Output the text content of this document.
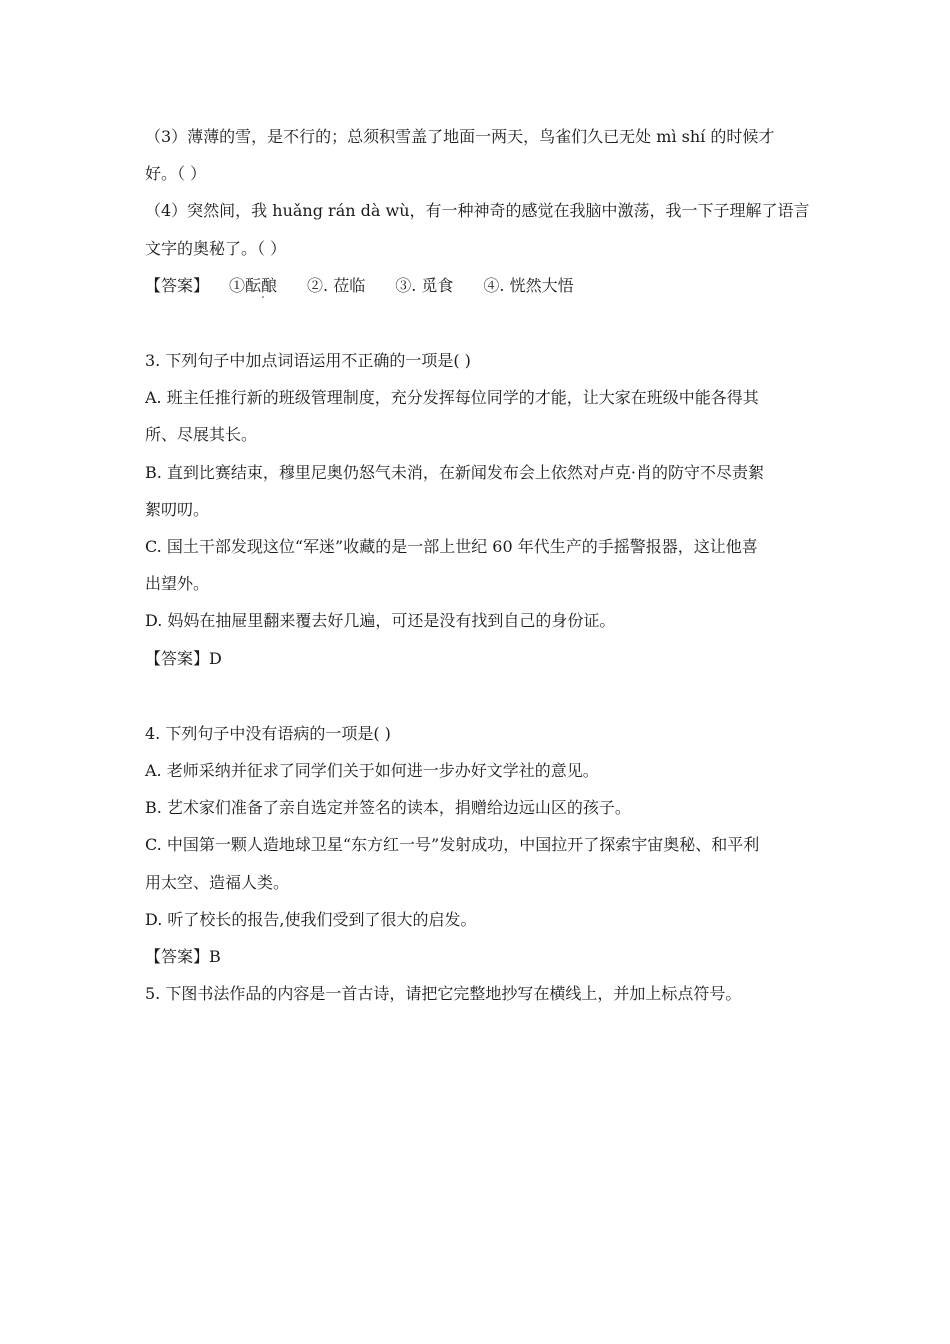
（3）薄薄的雪，是不行的；总须积雪盖了地面一两天，鸟雀们久已无处 mì shí 的时候才
好。（ ）
（4）突然间，我 huǎng rán dà wù，有一种神奇的感觉在我脑中激荡，我一下子理解了语言
文字的奥秘了。（ ）
【答案】 ①酝酿 ②. 莅临 ③. 觅食 ④. 恍然大悟
3. 下列句子中加点词语运用不正确的一项是( )
A. 班主任推行新的班级管理制度，充分发挥每位同学的才能，让大家在班级中能各得其
所、尽展其长。
B. 直到比赛结束，穆里尼奥仍怒气未消，在新闻发布会上依然对卢克·肖的防守不尽责絮
絮叨叨。
C. 国土干部发现这位“军迷”收藏的是一部上世纪 60 年代生产的手摇警报器，这让他喜
出望外。
D. 妈妈在抽屉里翻来覆去好几遍，可还是没有找到自己的身份证。
【答案】D
4. 下列句子中没有语病的一项是( )
A. 老师采纳并征求了同学们关于如何进一步办好文学社的意见。
B. 艺术家们准备了亲自选定并签名的读本，捐赠给边远山区的孩子。
C. 中国第一颗人造地球卫星“东方红一号”发射成功，中国拉开了探索宇宙奥秘、和平利
用太空、造福人类。
D. 听了校长的报告,使我们受到了很大的启发。
【答案】B
5. 下图书法作品的内容是一首古诗，请把它完整地抄写在横线上，并加上标点符号。
